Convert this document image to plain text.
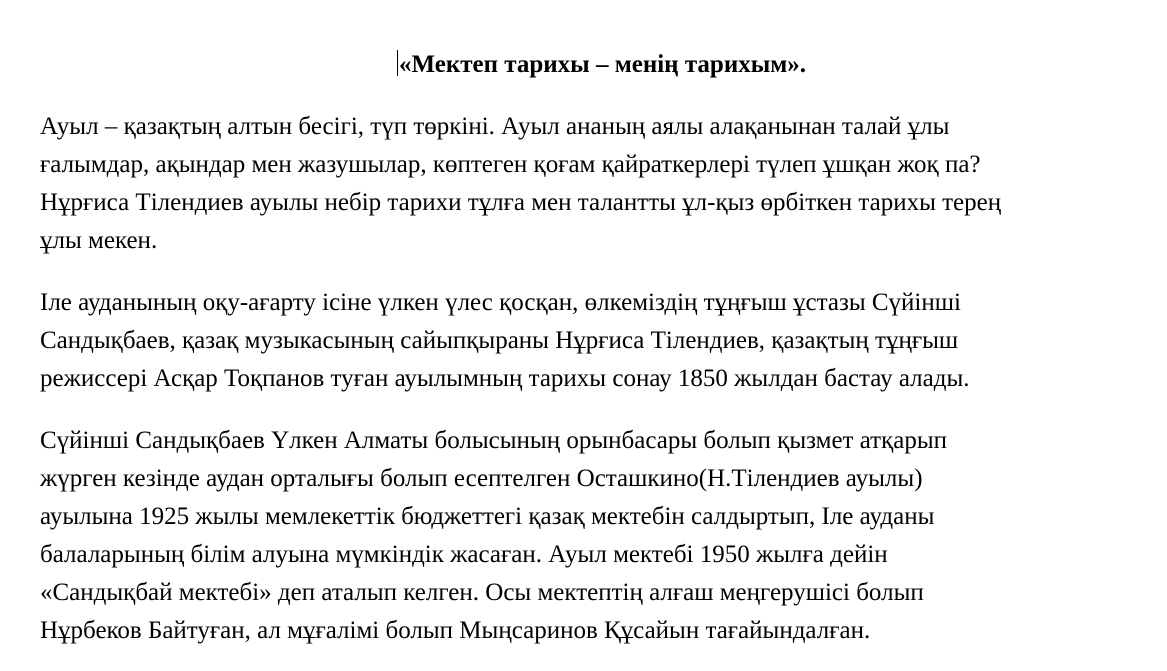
«Мектеп тарихы – менің тарихым».

Ауыл – қазақтың алтын бесігі, түп төркіні. Ауыл ананың аялы алақанынан талай ұлы
ғалымдар, ақындар мен жазушылар, көптеген қоғам қайраткерлері түлеп ұшқан жоқ па?
Нұрғиса Тілендиев ауылы небір тарихи тұлға мен талантты ұл-қыз өрбіткен тарихы терең
ұлы мекен.

Іле ауданының оқу-ағарту ісіне үлкен үлес қосқан, өлкеміздің тұңғыш ұстазы Сүйінші
Сандықбаев, қазақ музыкасының сайыпқыраны Нұрғиса Тілендиев, қазақтың тұңғыш
режиссері Асқар Тоқпанов туған ауылымның тарихы сонау 1850 жылдан бастау алады.

Сүйінші Сандықбаев Үлкен Алматы болысының орынбасары болып қызмет атқарып
жүрген кезінде аудан орталығы болып есептелген Осташкино(Н.Тілендиев ауылы)
ауылына 1925 жылы мемлекеттік бюджеттегі қазақ мектебін салдыртып, Іле ауданы
балаларының білім алуына мүмкіндік жасаған. Ауыл мектебі 1950 жылға дейін
«Сандықбай мектебі» деп аталып келген. Осы мектептің алғаш меңгерушісі болып
Нұрбеков Байтуған, ал мұғалімі болып Мыңсаринов Құсайын тағайындалған.
